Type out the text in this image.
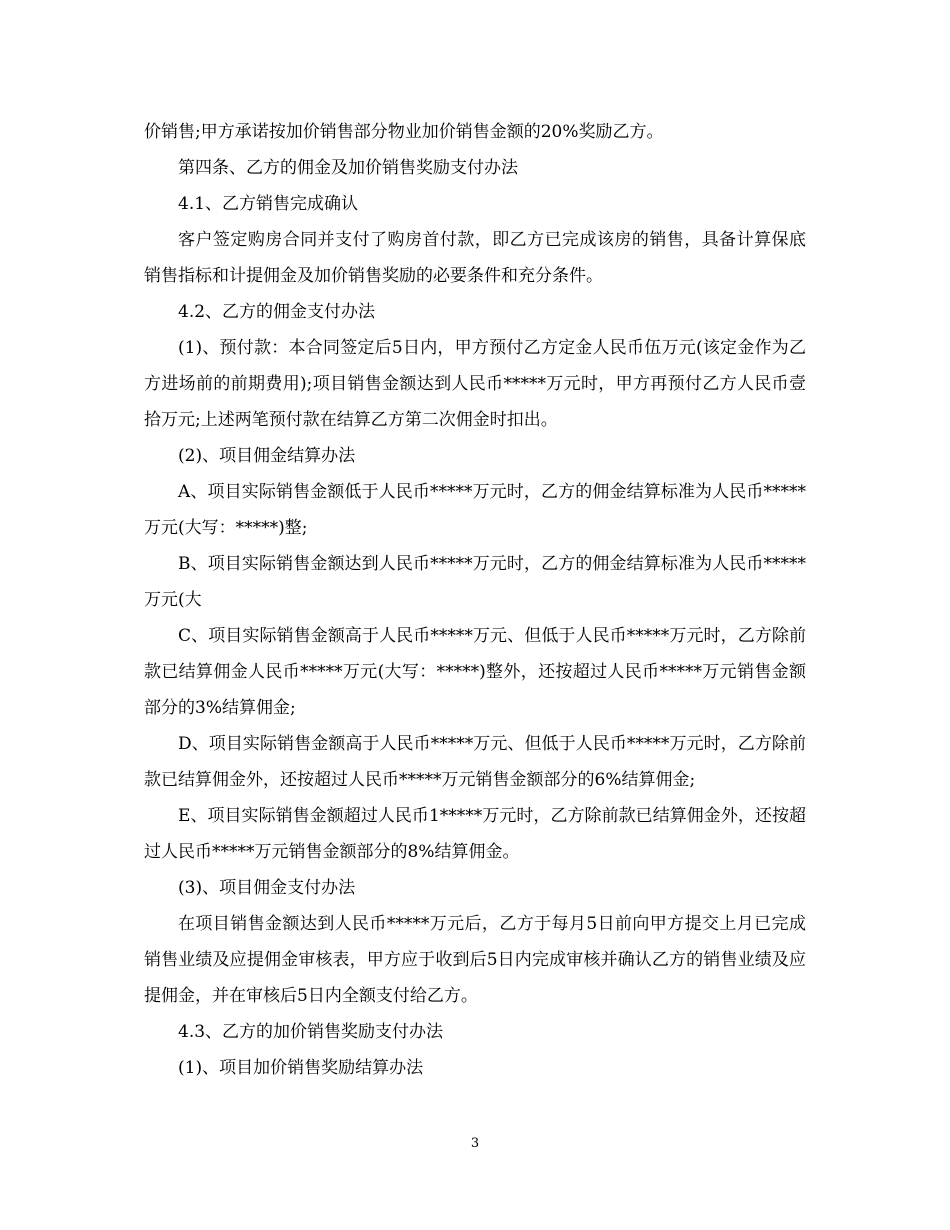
价销售;甲方承诺按加价销售部分物业加价销售金额的20%奖励乙方。

第四条、乙方的佣金及加价销售奖励支付办法

4.1、乙方销售完成确认

客户签定购房合同并支付了购房首付款，即乙方已完成该房的销售，具备计算保底销售指标和计提佣金及加价销售奖励的必要条件和充分条件。

4.2、乙方的佣金支付办法

(1)、预付款：本合同签定后5日内，甲方预付乙方定金人民币伍万元(该定金作为乙方进场前的前期费用);项目销售金额达到人民币*****万元时，甲方再预付乙方人民币壹拾万元;上述两笔预付款在结算乙方第二次佣金时扣出。

(2)、项目佣金结算办法

A、项目实际销售金额低于人民币*****万元时，乙方的佣金结算标准为人民币*****万元(大写：*****)整;

B、项目实际销售金额达到人民币*****万元时，乙方的佣金结算标准为人民币*****万元(大

C、项目实际销售金额高于人民币*****万元、但低于人民币*****万元时，乙方除前款已结算佣金人民币*****万元(大写：*****)整外，还按超过人民币*****万元销售金额部分的3%结算佣金;

D、项目实际销售金额高于人民币*****万元、但低于人民币*****万元时，乙方除前款已结算佣金外，还按超过人民币*****万元销售金额部分的6%结算佣金;

E、项目实际销售金额超过人民币1*****万元时，乙方除前款已结算佣金外，还按超过人民币*****万元销售金额部分的8%结算佣金。

(3)、项目佣金支付办法

在项目销售金额达到人民币*****万元后，乙方于每月5日前向甲方提交上月已完成销售业绩及应提佣金审核表，甲方应于收到后5日内完成审核并确认乙方的销售业绩及应提佣金，并在审核后5日内全额支付给乙方。

4.3、乙方的加价销售奖励支付办法

(1)、项目加价销售奖励结算办法

3
